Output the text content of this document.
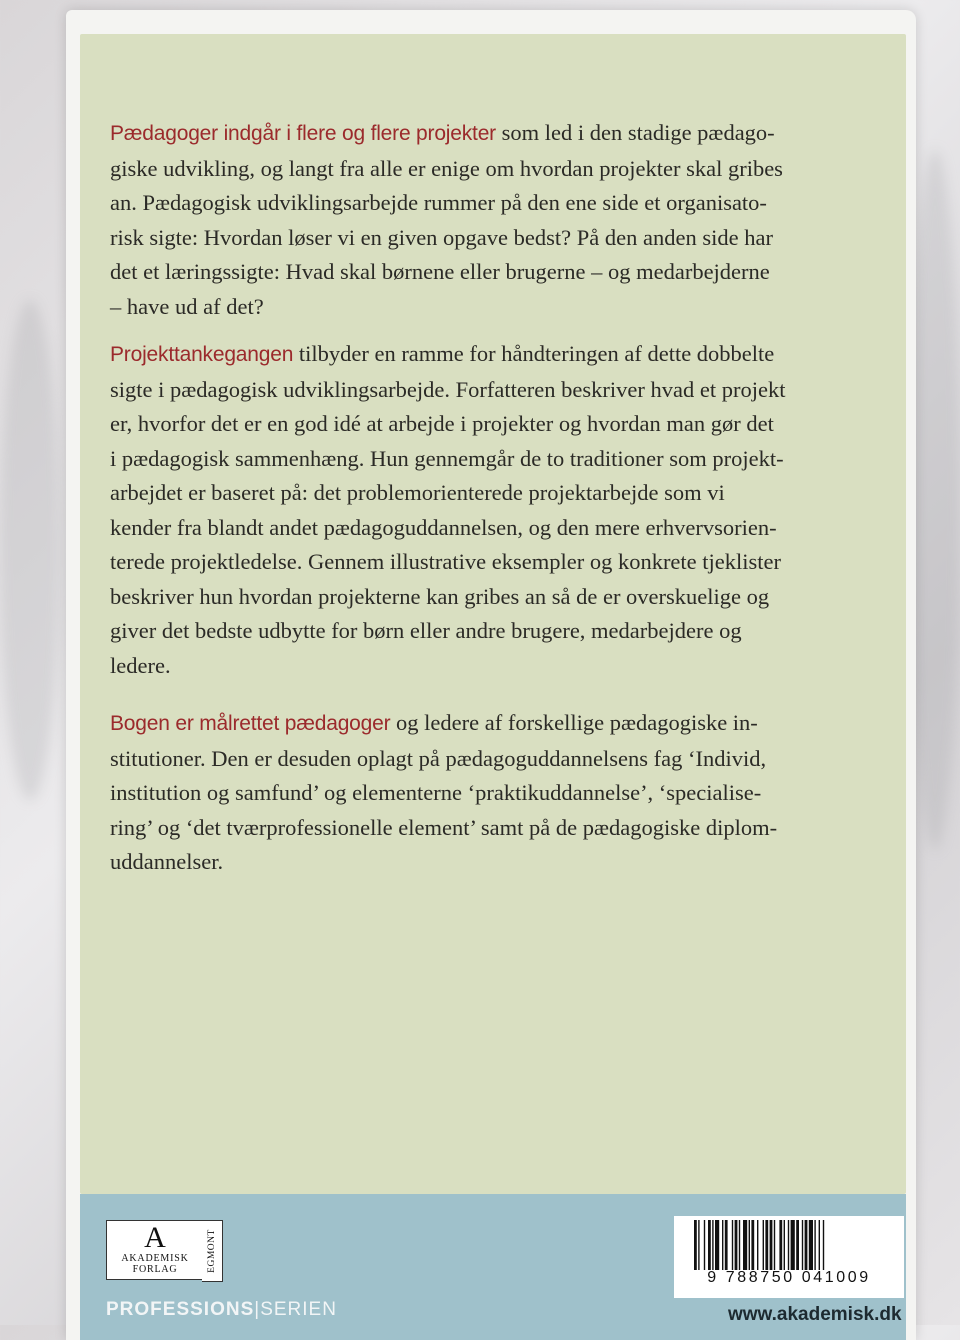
Pædagoger indgår i flere og flere projekter som led i den stadige pædago-
giske udvikling, og langt fra alle er enige om hvordan projekter skal gribes
an. Pædagogisk udviklingsarbejde rummer på den ene side et organisato-
risk sigte: Hvordan løser vi en given opgave bedst? På den anden side har
det et læringssigte: Hvad skal børnene eller brugerne – og medarbejderne
– have ud af det?

Projekttankegangen tilbyder en ramme for håndteringen af dette dobbelte
sigte i pædagogisk udviklingsarbejde. Forfatteren beskriver hvad et projekt
er, hvorfor det er en god idé at arbejde i projekter og hvordan man gør det
i pædagogisk sammenhæng. Hun gennemgår de to traditioner som projekt-
arbejdet er baseret på: det problemorienterede projektarbejde som vi
kender fra blandt andet pædagoguddannelsen, og den mere erhvervsorien-
terede projektledelse. Gennem illustrative eksempler og konkrete tjeklister
beskriver hun hvordan projekterne kan gribes an så de er overskuelige og
giver det bedste udbytte for børn eller andre brugere, medarbejdere og
ledere.

Bogen er målrettet pædagoger og ledere af forskellige pædagogiske in-
stitutioner. Den er desuden oplagt på pædagoguddannelsens fag ‘Individ,
institution og samfund’ og elementerne ‘praktikuddannelse’, ‘specialise-
ring’ og ‘det tværprofessionelle element’ samt på de pædagogiske diplom-
uddannelser.

A
AKADEMISK
FORLAG	EGMONT
PROFESSIONS|SERIEN
9 788750 041009
www.akademisk.dk
